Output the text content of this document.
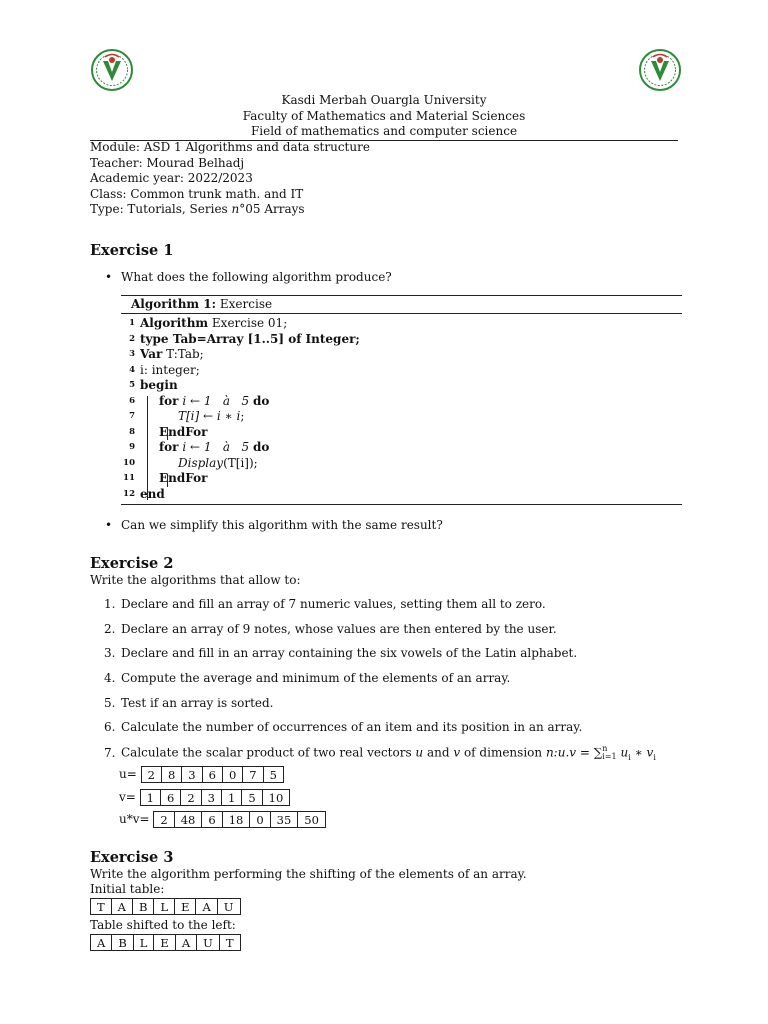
Kasdi Merbah Ouargla University
Faculty of Mathematics and Material Sciences
Field of mathematics and computer science
Module: ASD 1 Algorithms and data structure
Teacher: Mourad Belhadj
Academic year: 2022/2023
Class: Common trunk math. and IT
Type: Tutorials, Series n°05 Arrays
Exercise 1
• What does the following algorithm produce?
Algorithm 1: Exercise
1 Algorithm Exercise 01;
2 type Tab=Array [1..5] of Integer;
3 Var T:Tab;
4 i: integer;
5 begin
6 for i ← 1   à   5 do
7	T[i] ← i ∗ i;
8 EndFor
9 for i ← 1   à   5 do
10	Display(T[i]);
11 EndFor
12 end
• Can we simplify this algorithm with the same result?
Exercise 2
Write the algorithms that allow to:
1. Declare and fill an array of 7 numeric values, setting them all to zero.
2. Declare an array of 9 notes, whose values are then entered by the user.
3. Declare and fill in an array containing the six vowels of the Latin alphabet.
4. Compute the average and minimum of the elements of an array.
5. Test if an array is sorted.
6. Calculate the number of occurrences of an item and its position in an array.
7. Calculate the scalar product of two real vectors u and v of dimension n:u.v = ∑ n
i=1 $u_i$ ∗ $v_i$
u= 2	8	3	6	0	7	5
v= 1	6	2	3	1	5	10
u*v= 2	48	6	18	0	35	50
Exercise 3
Write the algorithm performing the shifting of the elements of an array.
Initial table:
T	A	B	L	E	A	U
Table shifted to the left:
A	B	L	E	A	U	T
